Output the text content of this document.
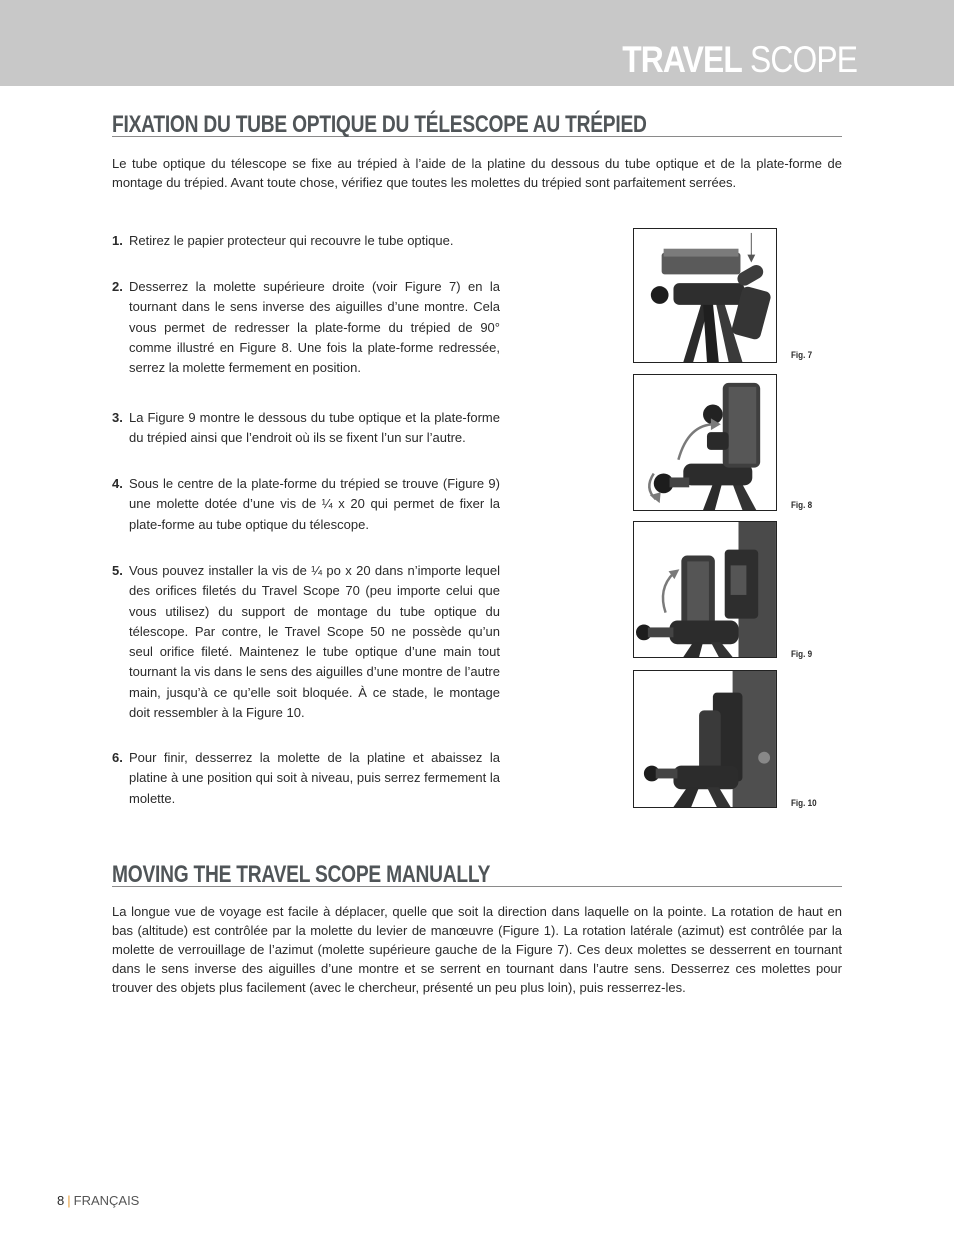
TRAVEL SCOPE
FIXATION DU TUBE OPTIQUE DU TÉLESCOPE AU TRÉPIED
Le tube optique du télescope se fixe au trépied à l’aide de la platine du dessous du tube optique et de la plate-forme de montage du trépied. Avant toute chose, vérifiez que toutes les molettes du trépied sont parfaitement serrées.
1. Retirez le papier protecteur qui recouvre le tube optique.
2. Desserrez la molette supérieure droite (voir Figure 7) en la tournant dans le sens inverse des aiguilles d’une montre. Cela vous permet de redresser la plate-forme du trépied de 90° comme illustré en Figure 8. Une fois la plate-forme redressée, serrez la molette fermement en position.
3. La Figure 9 montre le dessous du tube optique et la plate-forme du trépied ainsi que l’endroit où ils se fixent l’un sur l’autre.
4. Sous le centre de la plate-forme du trépied se trouve (Figure 9) une molette dotée d’une vis de ¼ x 20 qui permet de fixer la plate-forme au tube optique du télescope.
5. Vous pouvez installer la vis de ¼ po x 20 dans n’importe lequel des orifices filetés du Travel Scope 70 (peu importe celui que vous utilisez) du support de montage du tube optique du télescope. Par contre, le Travel Scope 50 ne possède qu’un seul orifice fileté. Maintenez le tube optique d’une main tout tournant la vis dans le sens des aiguilles d’une montre de l’autre main, jusqu’à ce qu’elle soit bloquée. À ce stade, le montage doit ressembler à la Figure 10.
6. Pour finir, desserrez la molette de la platine et abaissez la platine à une position qui soit à niveau, puis serrez fermement la molette.
Fig. 7
Fig. 8
Fig. 9
Fig. 10
MOVING THE TRAVEL SCOPE MANUALLY
La longue vue de voyage est facile à déplacer, quelle que soit la direction dans laquelle on la pointe. La rotation de haut en bas (altitude) est contrôlée par la molette du levier de manœuvre (Figure 1). La rotation latérale (azimut) est contrôlée par la molette de verrouillage de l’azimut (molette supérieure gauche de la Figure 7). Ces deux molettes se desserrent en tournant dans le sens inverse des aiguilles d’une montre et se serrent en tournant dans l’autre sens. Desserrez ces molettes pour trouver des objets plus facilement (avec le chercheur, présenté un peu plus loin), puis resserrez-les.
8 | FRANÇAIS
